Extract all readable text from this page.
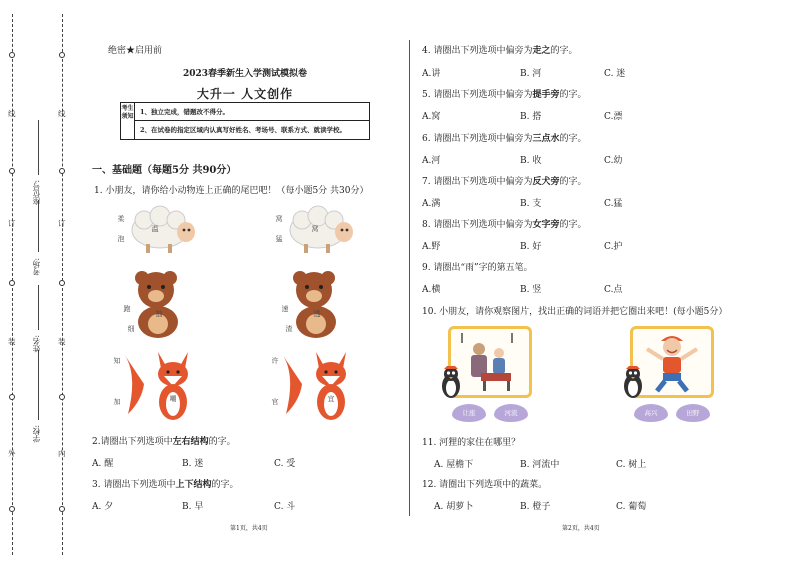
线
订
装
外
线
订
装
内
学校:
姓名:
考场:
座位号:
绝密★启用前
2023春季新生入学测试模拟卷
大升一 人文创作
考生须知
1、独立完成，错题改不得分。
2、在试卷的指定区域内认真写好姓名、考场号、联系方式、就读学校。
一、基础题（每题5分 共90分）
1. 小朋友，请你给小动物连上正确的尾巴吧！（每小题5分 共30分）
柔
泡
温
窝
猛
窝
跑
抽
细
速
透
渣
知
加	嘲
许
官	宜
2.请圈出下列选项中左右结构的字。
A. 醒	B. 迷	C. 受
3. 请圈出下列选项中上下结构的字。
A. 夕	B. 早	C. 斗
第1页，共4页
4. 请圈出下列选项中偏旁为走之的字。
A.讲	B. 河	C. 迷
5. 请圈出下列选项中偏旁为提手旁的字。
A.窝	B. 搭	C.漂
6. 请圈出下列选项中偏旁为三点水的字。
A.河	B. 收	C.幼
7. 请圈出下列选项中偏旁为反犬旁的字。
A.满	B. 支	C.猛
8. 请圈出下列选项中偏旁为女字旁的字。
A.野	B. 好	C.护
9. 请圈出“雨”字的第五笔。
A.横	B. 竖	C.点
10. 小朋友，请你观察图片，找出正确的词语并把它圈出来吧！(每小题5分）
让座	河流	高兴	田野
11. 河狸的家住在哪里？
A. 屋檐下	B. 河流中	C. 树上
12. 请圈出下列选项中的蔬菜。
A. 胡萝卜	B. 橙子	C. 葡萄
第2页，共4页
